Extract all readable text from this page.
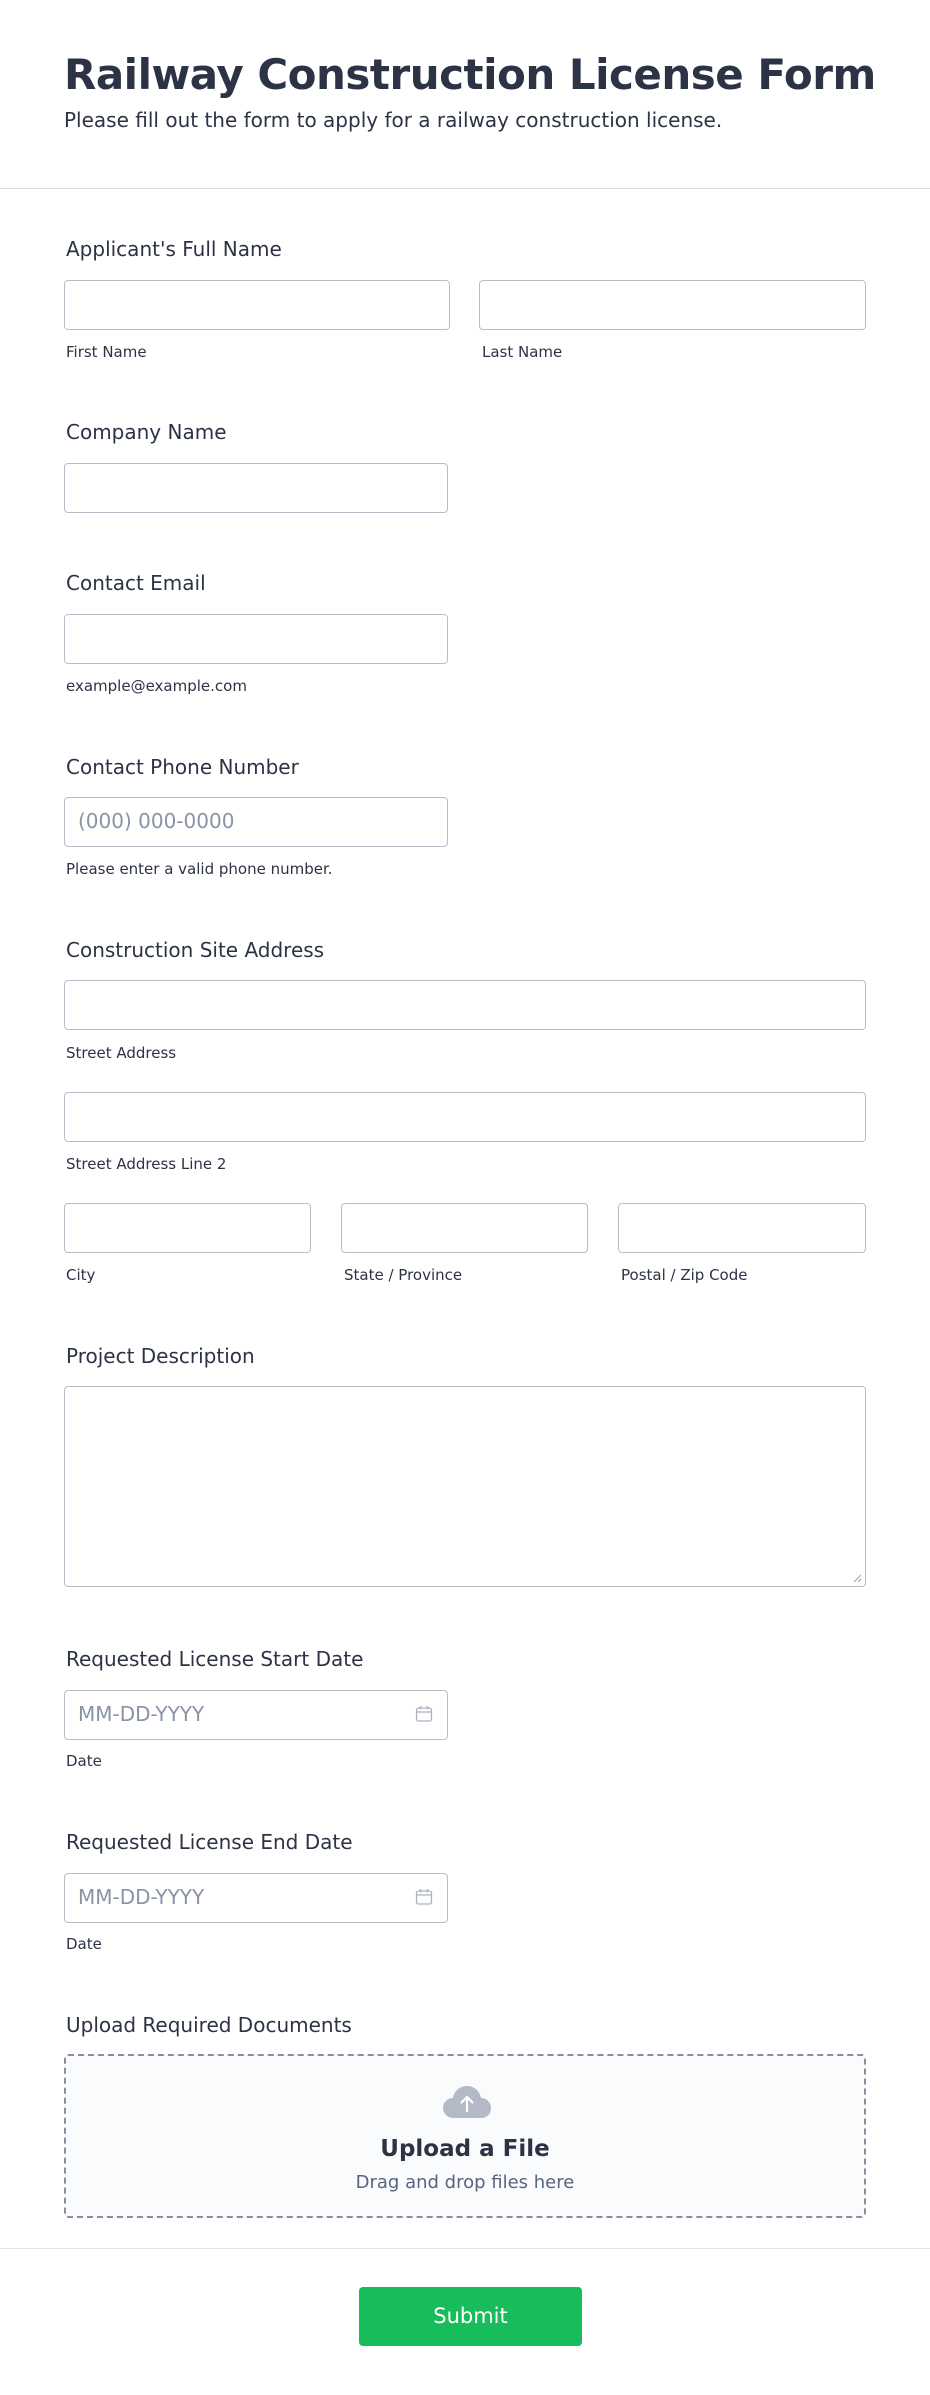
Railway Construction License Form
Please fill out the form to apply for a railway construction license.
Applicant's Full Name
First Name	Last Name
Company Name
Contact Email
example@example.com
Contact Phone Number
(000) 000-0000
Please enter a valid phone number.
Construction Site Address
Street Address
Street Address Line 2
City	State / Province	Postal / Zip Code
Project Description
Requested License Start Date
MM-DD-YYYY
Date
Requested License End Date
MM-DD-YYYY
Date
Upload Required Documents
Upload a File
Drag and drop files here
Submit
